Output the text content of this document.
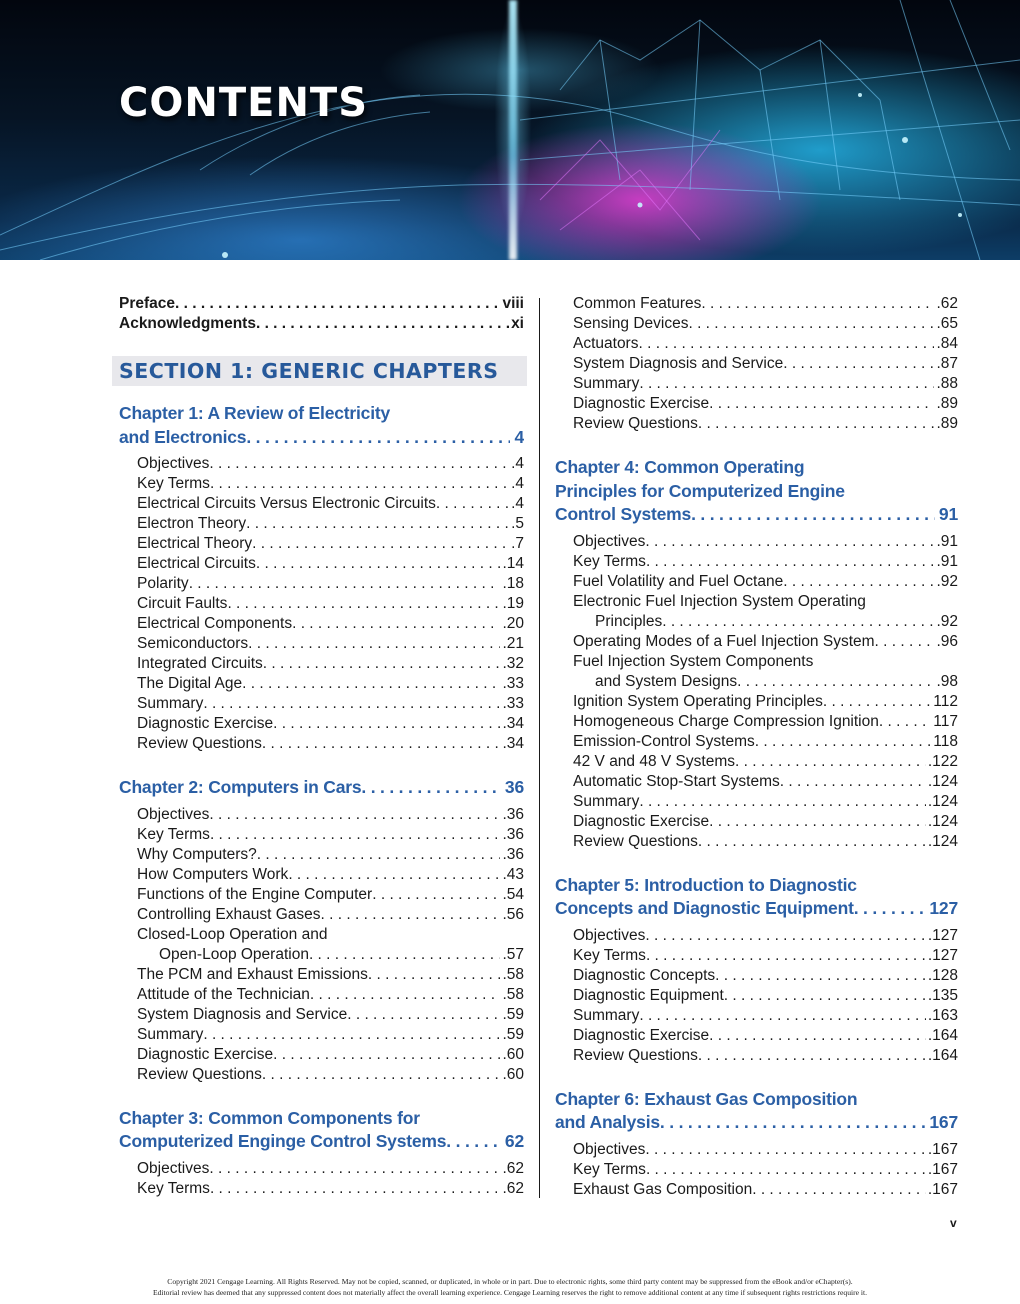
CONTENTS
Preface . . .	viii
Acknowledgments . . .	xi
SECTION 1: GENERIC CHAPTERS
Chapter 1: A Review of Electricity
and Electronics . . .	4
Objectives . . .	.4
Key Terms . . .	.4
Electrical Circuits Versus Electronic Circuits . . .	.4
Electron Theory . . .	.5
Electrical Theory . . .	.7
Electrical Circuits . . .	.14
Polarity . . .	.18
Circuit Faults . . .	.19
Electrical Components . . .	.20
Semiconductors . . .	.21
Integrated Circuits . . .	.32
The Digital Age . . .	.33
Summary . . .	.33
Diagnostic Exercise . . .	.34
Review Questions . . .	.34
Chapter 2: Computers in Cars . . .	36
Objectives . . .	.36
Key Terms . . .	.36
Why Computers? . . .	.36
How Computers Work . . .	.43
Functions of the Engine Computer . . .	.54
Controlling Exhaust Gases . . .	.56
Closed-Loop Operation and
Open-Loop Operation . . .	.57
The PCM and Exhaust Emissions . . .	.58
Attitude of the Technician . . .	.58
System Diagnosis and Service . . .	.59
Summary . . .	.59
Diagnostic Exercise . . .	.60
Review Questions . . .	.60
Chapter 3: Common Components for
Computerized Enginge Control Systems . . .	62
Objectives . . .	.62
Key Terms . . .	.62
Common Features . . .	.62
Sensing Devices . . .	.65
Actuators . . .	.84
System Diagnosis and Service . . .	.87
Summary . . .	.88
Diagnostic Exercise . . .	.89
Review Questions . . .	.89
Chapter 4: Common Operating
Principles for Computerized Engine
Control Systems . . .	91
Objectives . . .	.91
Key Terms . . .	.91
Fuel Volatility and Fuel Octane . . .	.92
Electronic Fuel Injection System Operating
Principles . . .	.92
Operating Modes of a Fuel Injection System . . .	.96
Fuel Injection System Components
and System Designs . . .	.98
Ignition System Operating Principles . . .	112
Homogeneous Charge Compression Ignition . . .	117
Emission-Control Systems . . .	118
42 V and 48 V Systems . . .	.122
Automatic Stop-Start Systems . . .	.124
Summary . . .	.124
Diagnostic Exercise . . .	.124
Review Questions . . .	.124
Chapter 5: Introduction to Diagnostic
Concepts and Diagnostic Equipment . . .	127
Objectives . . .	.127
Key Terms . . .	.127
Diagnostic Concepts . . .	.128
Diagnostic Equipment . . .	.135
Summary . . .	.163
Diagnostic Exercise . . .	.164
Review Questions . . .	.164
Chapter 6: Exhaust Gas Composition
and Analysis . . .	167
Objectives . . .	.167
Key Terms . . .	.167
Exhaust Gas Composition . . .	.167
v
Copyright 2021 Cengage Learning. All Rights Reserved. May not be copied, scanned, or duplicated, in whole or in part. Due to electronic rights, some third party content may be suppressed from the eBook and/or eChapter(s).
Editorial review has deemed that any suppressed content does not materially affect the overall learning experience. Cengage Learning reserves the right to remove additional content at any time if subsequent rights restrictions require it.
